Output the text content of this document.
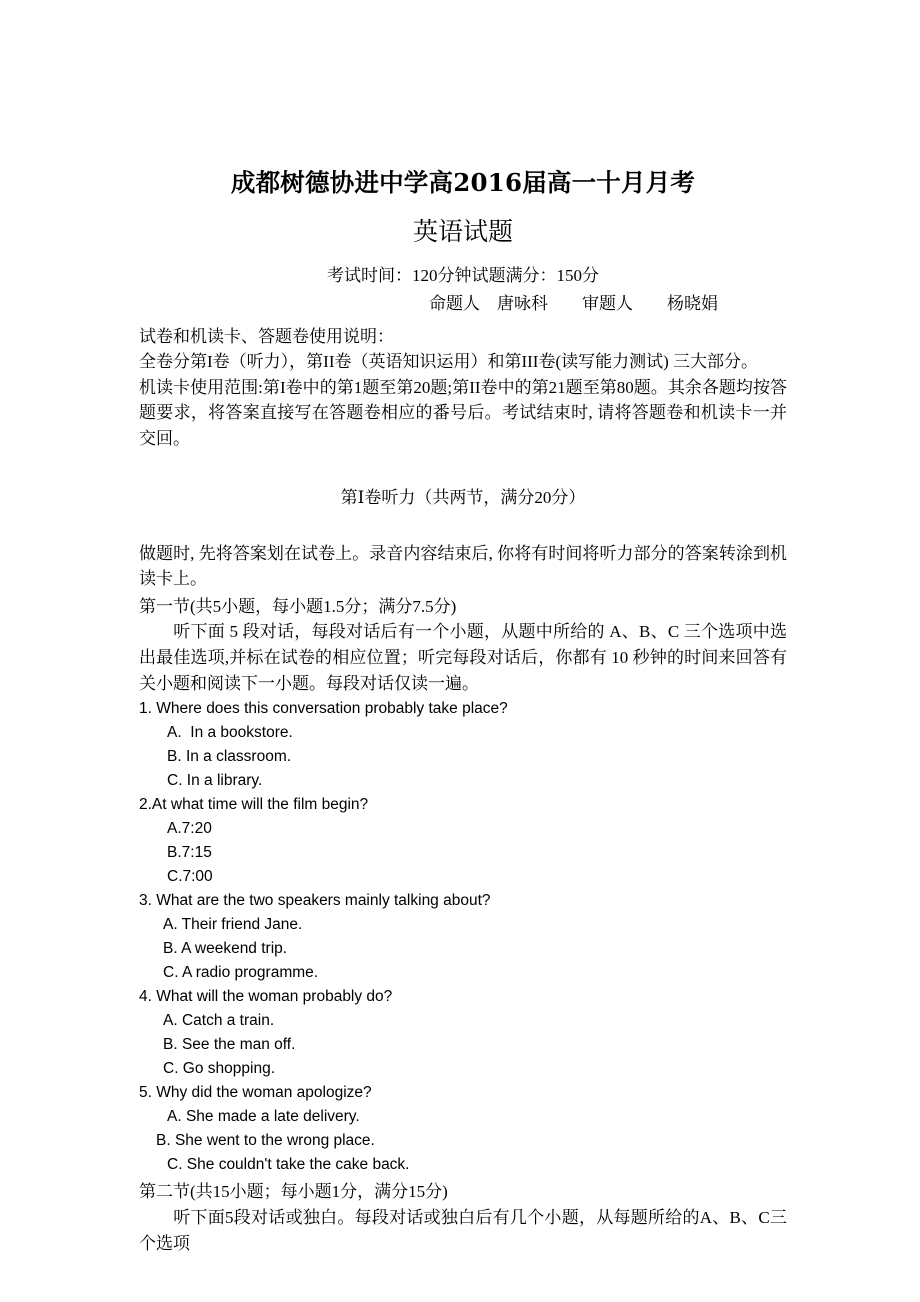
成都树德协进中学高2016届高一十月月考
英语试题

考试时间：120分钟试题满分：150分

命题人　唐咏科　　审题人　　杨晓娟

试卷和机读卡、答题卷使用说明：

全卷分第I卷（听力），第II卷（英语知识运用）和第III卷(读写能力测试) 三大部分。

机读卡使用范围:第I卷中的第1题至第20题;第II卷中的第21题至第80题。其余各题均按答题要求，将答案直接写在答题卷相应的番号后。考试结束时, 请将答题卷和机读卡一并交回。

第Ⅰ卷听力（共两节，满分20分）

做题时, 先将答案划在试卷上。录音内容结束后, 你将有时间将听力部分的答案转涂到机读卡上。

第一节(共5小题，每小题1.5分；满分7.5分)

听下面 5 段对话，每段对话后有一个小题，从题中所给的 A、B、C 三个选项中选出最佳选项,并标在试卷的相应位置；听完每段对话后，你都有 10 秒钟的时间来回答有关小题和阅读下一小题。每段对话仅读一遍。

1. Where does this conversation probably take place?

A.  In a bookstore.

B. In a classroom.

C. In a library.

2.At what time will the film begin?

A.7:20

B.7:15

C.7:00

3. What are the two speakers mainly talking about?

A. Their friend Jane.

B. A weekend trip.

C. A radio programme.

4. What will the woman probably do?

A. Catch a train.

B. See the man off.

C. Go shopping.

5. Why did the woman apologize?

A. She made a late delivery.

B. She went to the wrong place.

C. She couldn't take the cake back.

第二节(共15小题；每小题1分，满分15分)

听下面5段对话或独白。每段对话或独白后有几个小题，从每题所给的A、B、C三个选项
